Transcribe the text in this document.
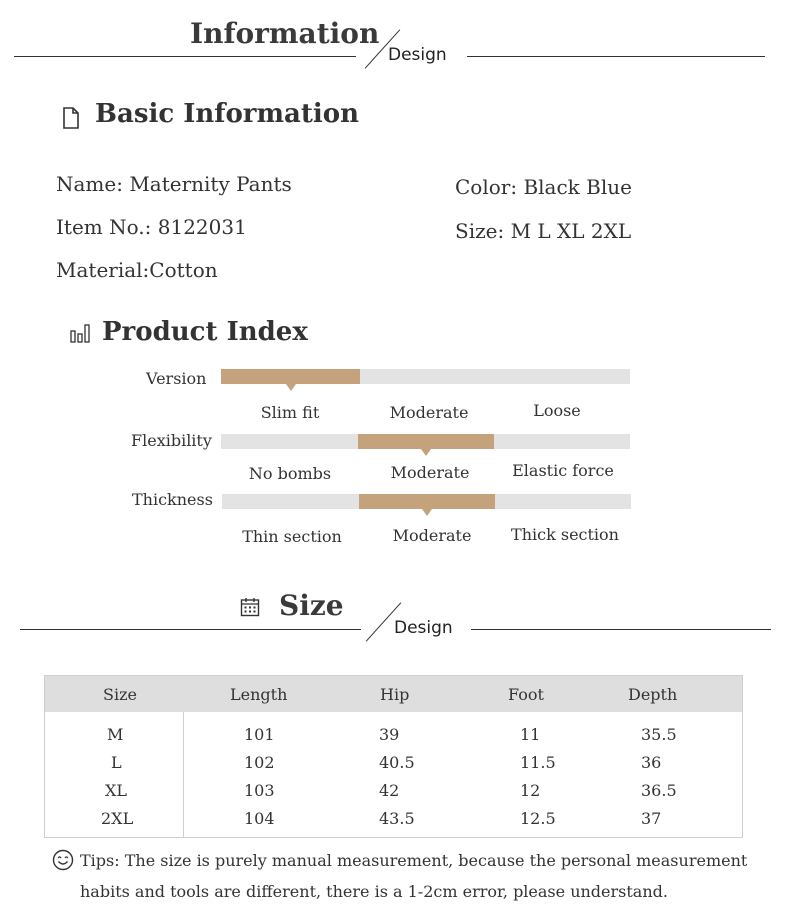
Information
Design
Basic Information
Name: Maternity Pants
Item No.: 8122031
Material:Cotton
Color: Black Blue
Size: M L XL 2XL
Product Index
Version
Slim fit	Moderate	Loose
Flexibility
No bombs	Moderate	Elastic force
Thickness
Thin section	Moderate	Thick section
Size
Design
Size	Length	Hip	Foot	Depth
M	101	39	11	35.5
L	102	40.5	11.5	36
XL	103	42	12	36.5
2XL	104	43.5	12.5	37
Tips: The size is purely manual measurement, because the personal measurement
habits and tools are different, there is a 1-2cm error, please understand.
